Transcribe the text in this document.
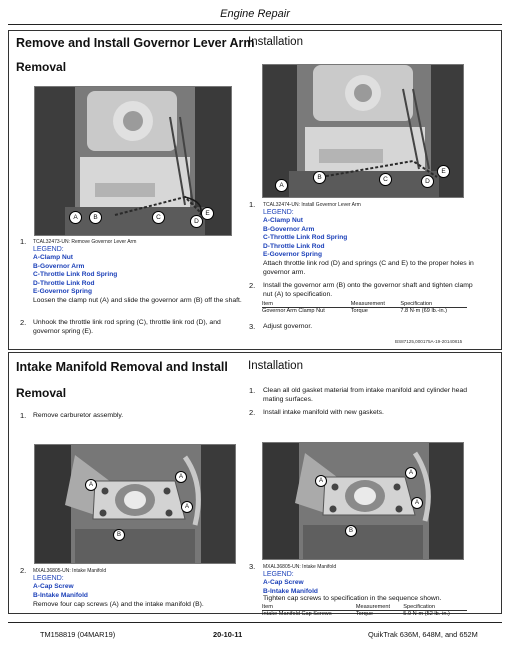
Engine Repair
Remove and Install Governor Lever Arm
Removal
Installation
A	B	C
D
E
1. TCAL32473-UN: Remove Governor Lever Arm
LEGEND:
A-Clamp Nut
B-Governor Arm
C-Throttle Link Rod Spring
D-Throttle Link Rod
E-Governor Spring
Loosen the clamp nut (A) and slide the governor arm (B) off the shaft.
2. Unhook the throttle link rod spring (C), throttle link rod (D), and governor spring (E).
A
B	C	D
E
1. TCAL32474-UN: Install Governor Lever Arm
LEGEND:
A-Clamp Nut
B-Governor Arm
C-Throttle Link Rod Spring
D-Throttle Link Rod
E-Governor Spring
Attach throttle link rod (D) and springs (C and E) to the proper holes in governor arm.
2. Install the governor arm (B) onto the governor shaft and tighten clamp nut (A) to specification.
Item	Measurement	Specification
Governor Arm Clamp Nut	Torque	7.8 N·m (69 lb.-in.)
3. Adjust governor.
BS87125,000175A-19-20140815
Intake Manifold Removal and Install Installation
Removal
1. Remove carburetor assembly.
A
A
A
B
2. MXAL36805-UN: Intake Manifold
LEGEND:
A-Cap Screw
B-Intake Manifold
Remove four cap screws (A) and the intake manifold (B).
1. Clean all old gasket material from intake manifold and cylinder head mating surfaces.
2. Install intake manifold with new gaskets.
A
A
A
B
3. MXAL36805-UN: Intake Manifold
LEGEND:
A-Cap Screw
B-Intake Manifold
Tighten cap screws to specification in the sequence shown.
Item	Measurement	Specification
Intake Manifold Cap Screws	Torque	5.9 N·m (52 lb.-in.)
TM158819 (04MAR19)	20-10-11	QuikTrak 636M, 648M, and 652M
